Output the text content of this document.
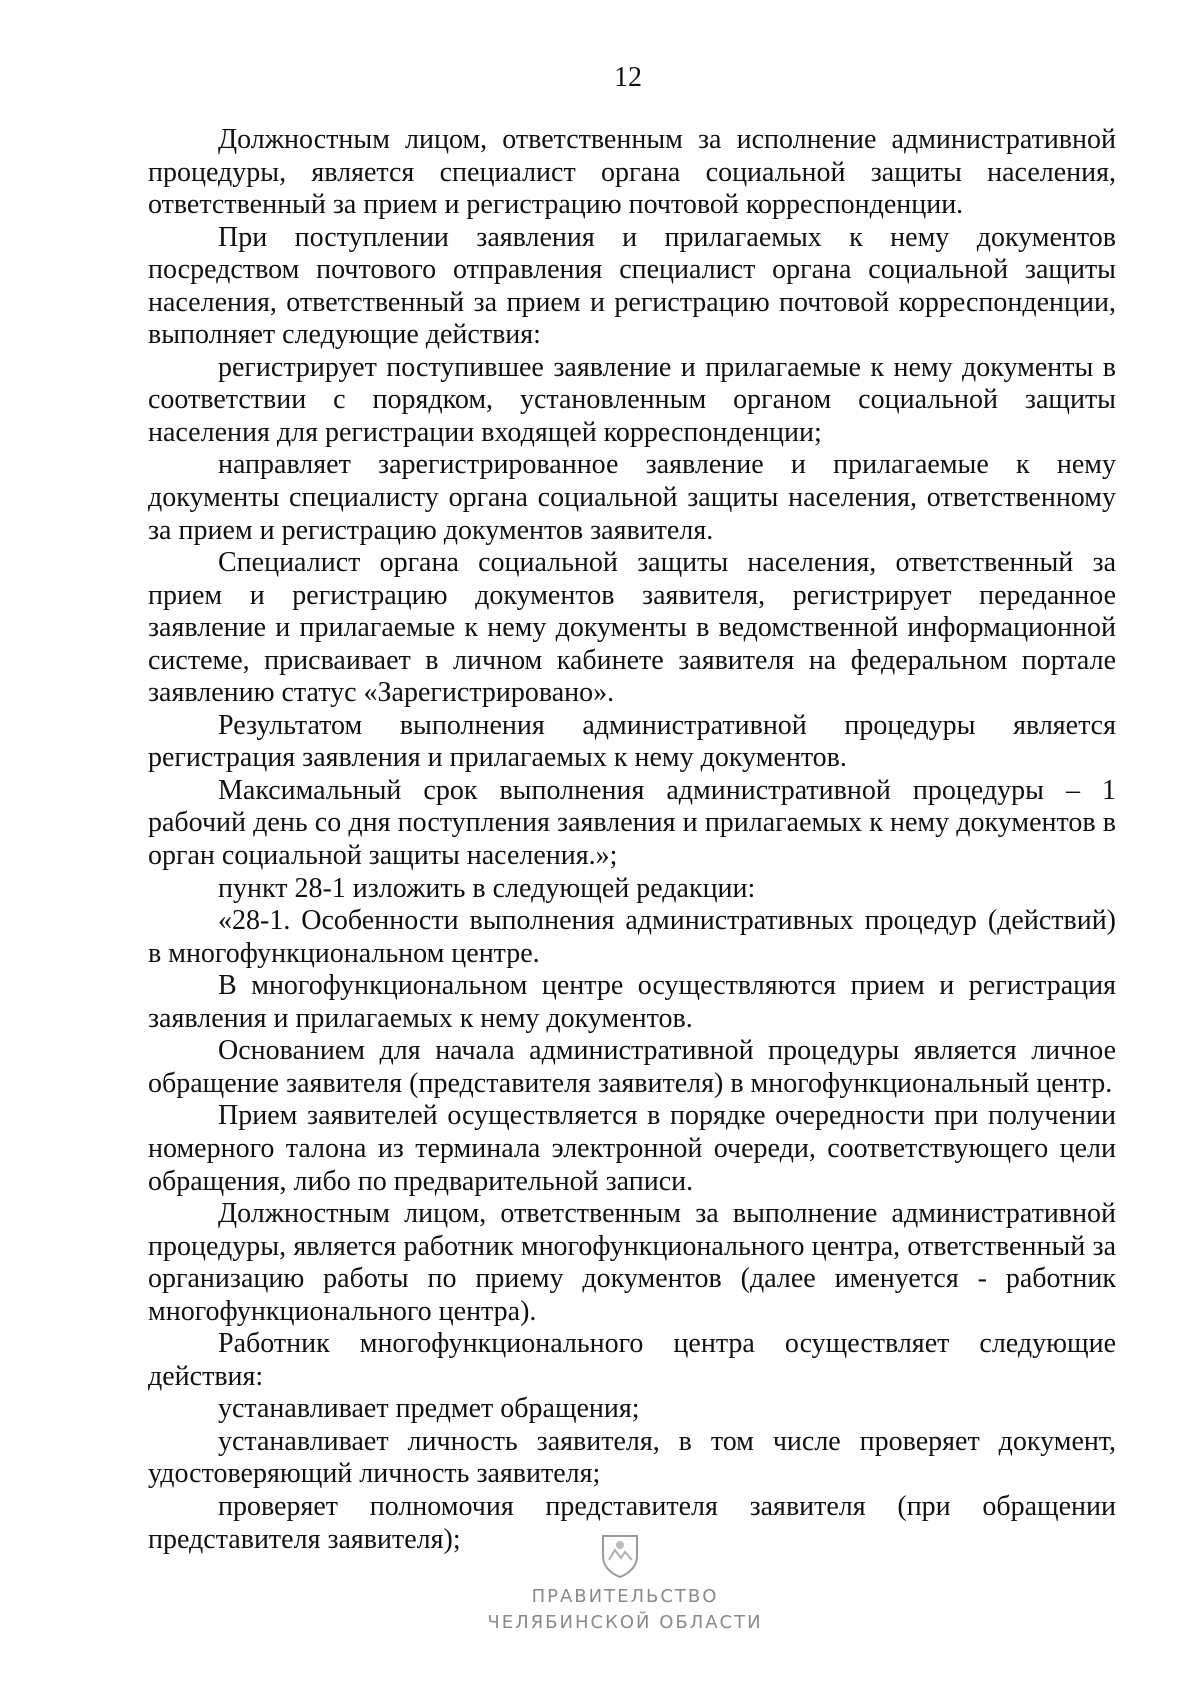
12

Должностным лицом, ответственным за исполнение административной процедуры, является специалист органа социальной защиты населения, ответственный за прием и регистрацию почтовой корреспонденции.

При поступлении заявления и прилагаемых к нему документов посредством почтового отправления специалист органа социальной защиты населения, ответственный за прием и регистрацию почтовой корреспонденции, выполняет следующие действия:

регистрирует поступившее заявление и прилагаемые к нему документы в соответствии с порядком, установленным органом социальной защиты населения для регистрации входящей корреспонденции;

направляет зарегистрированное заявление и прилагаемые к нему документы специалисту органа социальной защиты населения, ответственному за прием и регистрацию документов заявителя.

Специалист органа социальной защиты населения, ответственный за прием и регистрацию документов заявителя, регистрирует переданное заявление и прилагаемые к нему документы в ведомственной информационной системе, присваивает в личном кабинете заявителя на федеральном портале заявлению статус «Зарегистрировано».

Результатом выполнения административной процедуры является регистрация заявления и прилагаемых к нему документов.

Максимальный срок выполнения административной процедуры – 1 рабочий день со дня поступления заявления и прилагаемых к нему документов в орган социальной защиты населения.»;

пункт 28-1 изложить в следующей редакции:

«28-1. Особенности выполнения административных процедур (действий) в многофункциональном центре.

В многофункциональном центре осуществляются прием и регистрация заявления и прилагаемых к нему документов.

Основанием для начала административной процедуры является личное обращение заявителя (представителя заявителя) в многофункциональный центр.

Прием заявителей осуществляется в порядке очередности при получении номерного талона из терминала электронной очереди, соответствующего цели обращения, либо по предварительной записи.

Должностным лицом, ответственным за выполнение административной процедуры, является работник многофункционального центра, ответственный за организацию работы по приему документов (далее именуется - работник многофункционального центра).

Работник многофункционального центра осуществляет следующие действия:

устанавливает предмет обращения;

устанавливает личность заявителя, в том числе проверяет документ, удостоверяющий личность заявителя;

проверяет полномочия представителя заявителя (при обращении представителя заявителя);

ПРАВИТЕЛЬСТВО
ЧЕЛЯБИНСКОЙ ОБЛАСТИ
